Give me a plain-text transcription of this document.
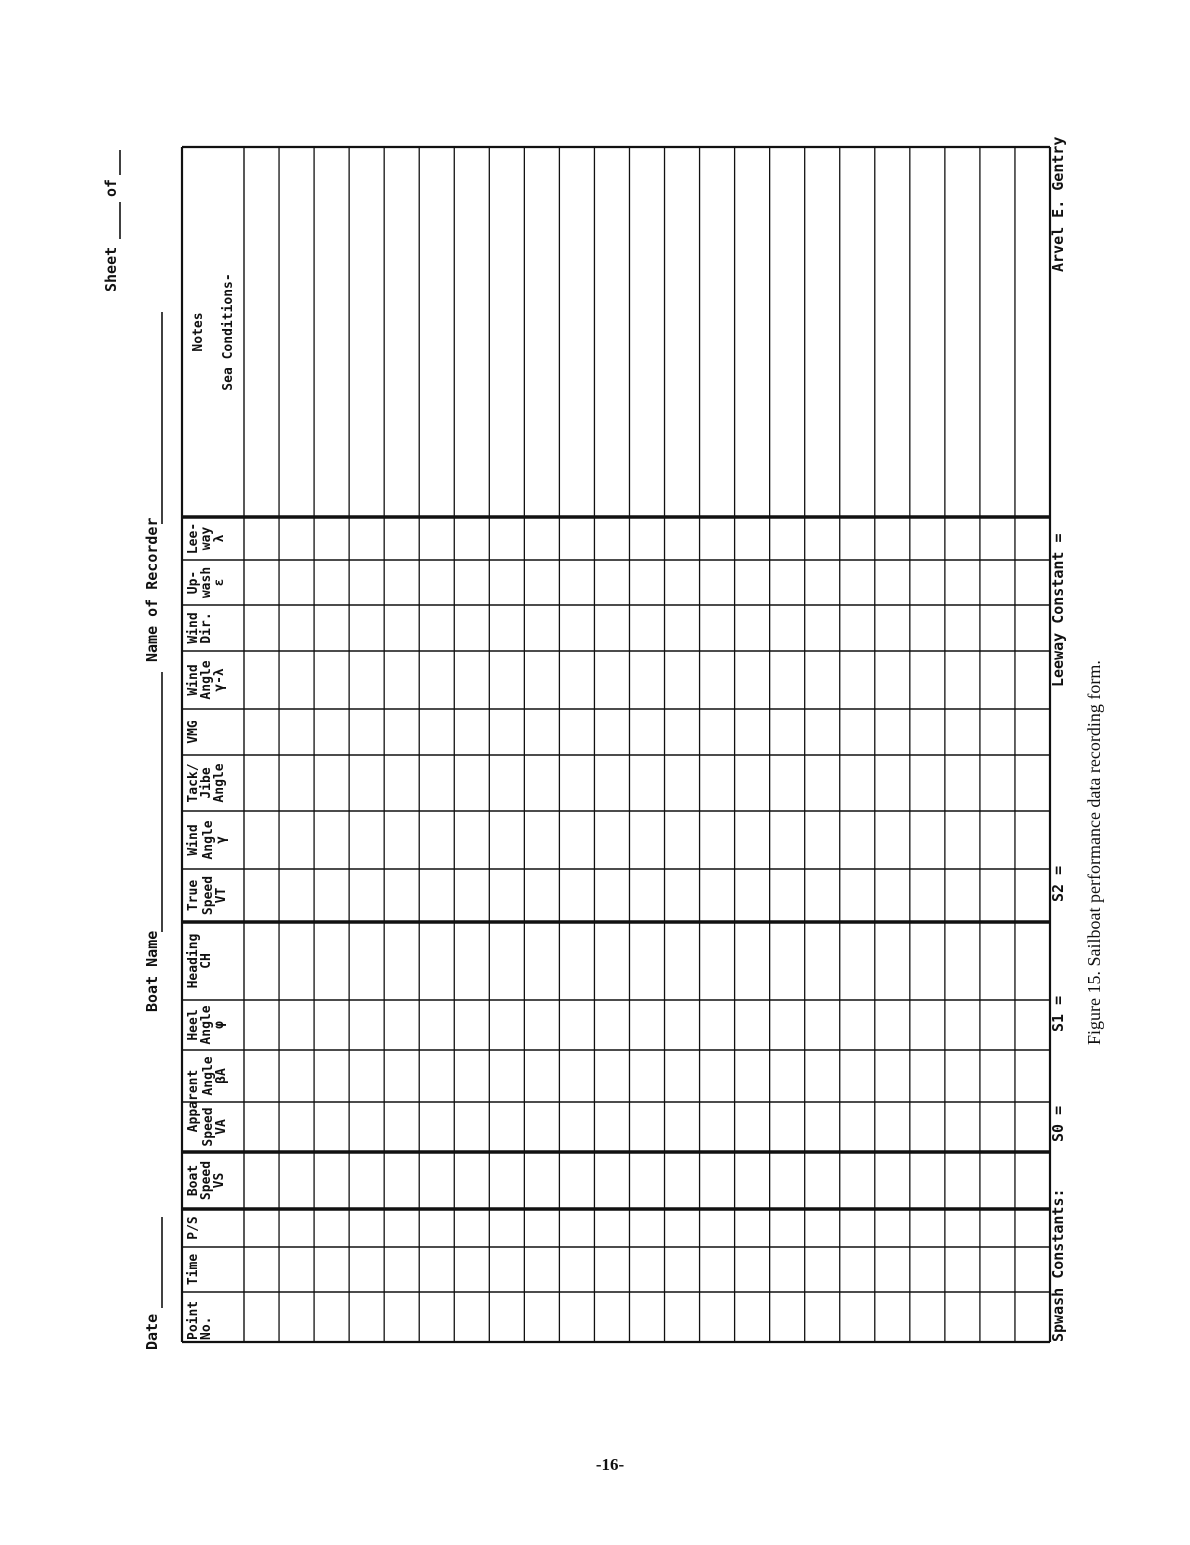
Date
Boat Name
Name of Recorder
Sheet
of
Point
No.
Time
P/S
Boat
Speed
VS
Speed
VA
Angle
βA
Heel
Angle
φ
Heading
CH
Speed
VT
Angle
γ
Tack/
Jibe
Angle
VMG
Wind
Angle
γ-λ
Wind
Dir.
Up-
wash
ε
Lee-
way
λ
Notes Sea Conditions-
Apparent
True
Wind
Spwash Constants:
S0 =
S1 =
S2 =
Leeway Constant =
Arvel E. Gentry
Figure 15. Sailboat performance data recording form.
-16-
